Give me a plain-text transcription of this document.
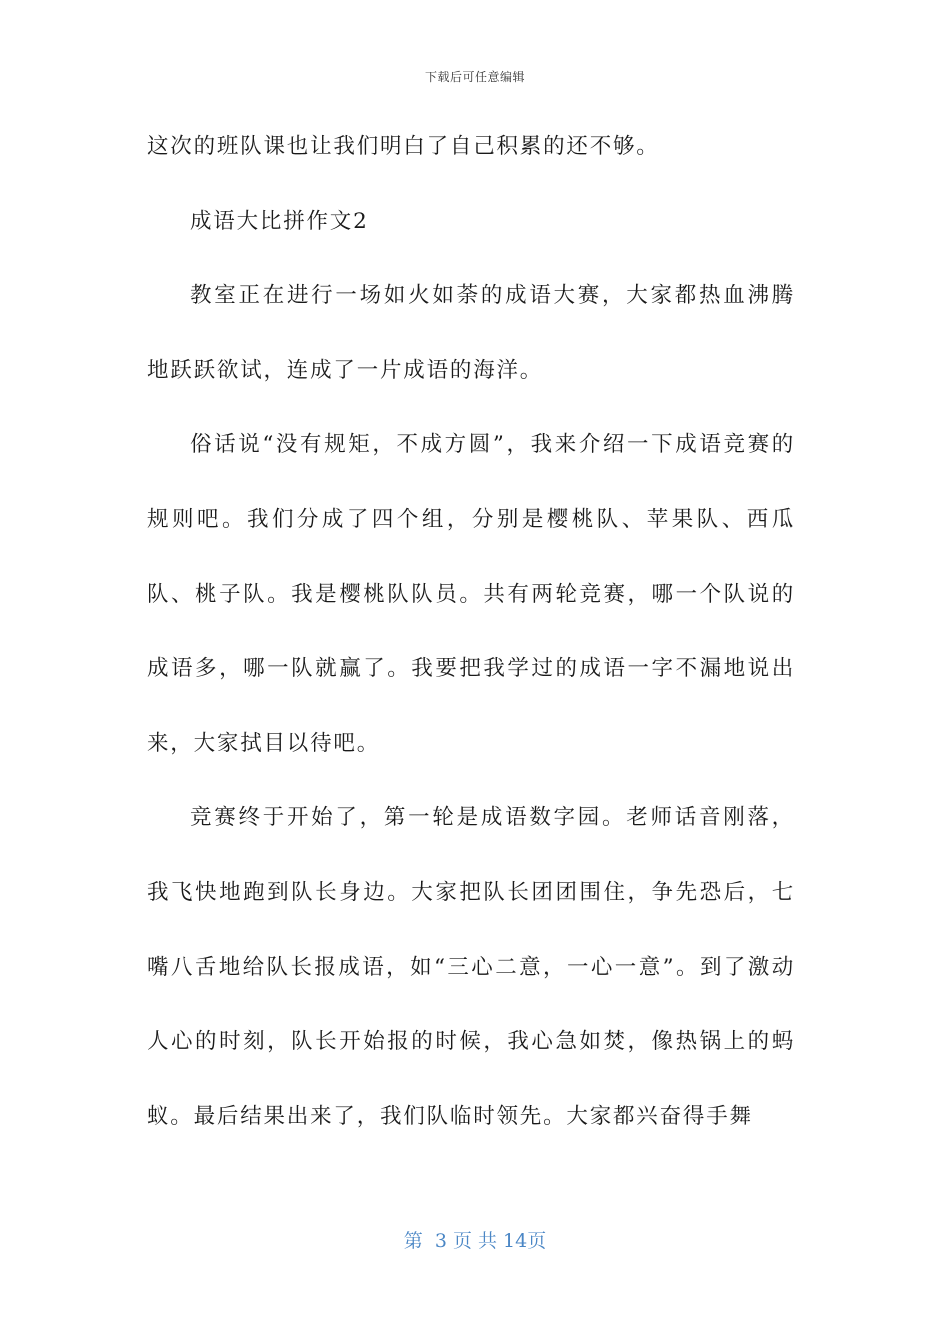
下载后可任意编辑

这次的班队课也让我们明白了自己积累的还不够。

成语大比拼作文2

教室正在进行一场如火如荼的成语大赛，大家都热血沸腾地跃跃欲试，连成了一片成语的海洋。

俗话说“没有规矩，不成方圆”，我来介绍一下成语竞赛的规则吧。我们分成了四个组，分别是樱桃队、苹果队、西瓜队、桃子队。我是樱桃队队员。共有两轮竞赛，哪一个队说的成语多，哪一队就赢了。我要把我学过的成语一字不漏地说出来，大家拭目以待吧。

竞赛终于开始了，第一轮是成语数字园。老师话音刚落，我飞快地跑到队长身边。大家把队长团团围住，争先恐后，七嘴八舌地给队长报成语，如“三心二意，一心一意”。到了激动人心的时刻，队长开始报的时候，我心急如焚，像热锅上的蚂蚁。最后结果出来了，我们队临时领先。大家都兴奋得手舞

第  3 页 共 14页
